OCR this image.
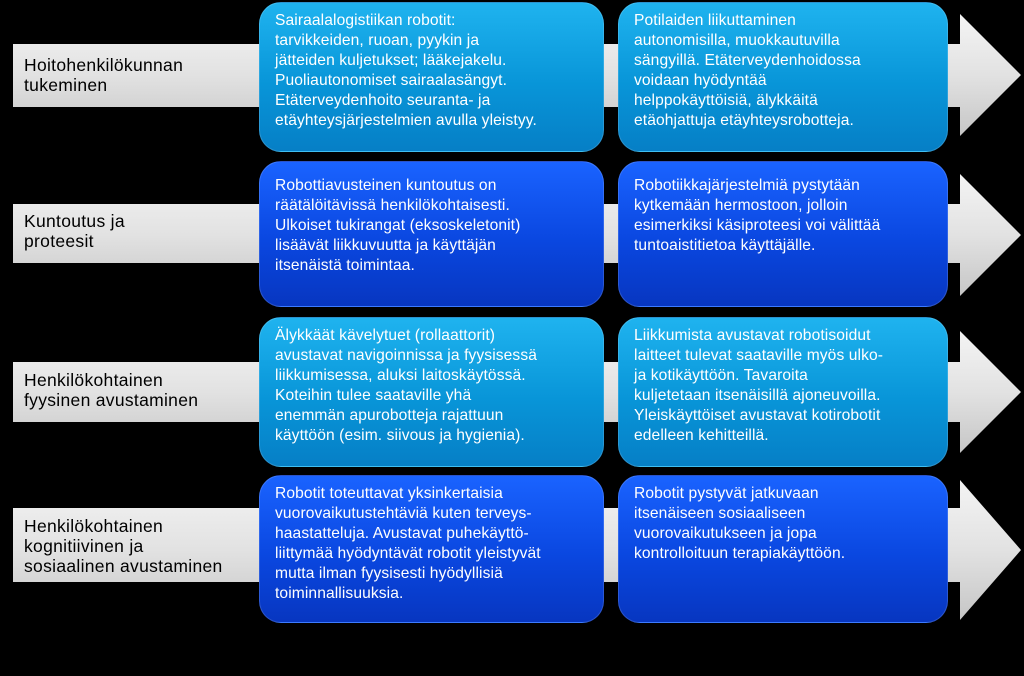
Hoitohenkilökunnan
tukeminen

Sairaalalogistiikan robotit:
tarvikkeiden, ruoan, pyykin ja
jätteiden kuljetukset; lääkejakelu.
Puoliautonomiset sairaalasängyt.
Etäterveydenhoito seuranta- ja
etäyhteysjärjestelmien avulla yleistyy.

Potilaiden liikuttaminen
autonomisilla, muokkautuvilla
sängyillä. Etäterveydenhoidossa
voidaan hyödyntää
helppokäyttöisiä, älykkäitä
etäohjattuja etäyhteysrobotteja.

Kuntoutus ja
proteesit

Robottiavusteinen kuntoutus on
räätälöitävissä henkilökohtaisesti.
Ulkoiset tukirangat (eksoskeletonit)
lisäävät liikkuvuutta ja käyttäjän
itsenäistä toimintaa.

Robotiikkajärjestelmiä pystytään
kytkemään hermostoon, jolloin
esimerkiksi käsiproteesi voi välittää
tuntoaistitietoa käyttäjälle.

Henkilökohtainen
fyysinen avustaminen

Älykkäät kävelytuet (rollaattorit)
avustavat navigoinnissa ja fyysisessä
liikkumisessa, aluksi laitoskäytössä.
Koteihin tulee saataville yhä
enemmän apurobotteja rajattuun
käyttöön (esim. siivous ja hygienia).

Liikkumista avustavat robotisoidut
laitteet tulevat saataville myös ulko-
ja kotikäyttöön. Tavaroita
kuljetetaan itsenäisillä ajoneuvoilla.
Yleiskäyttöiset avustavat kotirobotit
edelleen kehitteillä.

Henkilökohtainen
kognitiivinen ja
sosiaalinen avustaminen

Robotit toteuttavat yksinkertaisia
vuorovaikutustehtäviä kuten terveys-
haastatteluja. Avustavat puhekäyttö-
liittymää hyödyntävät robotit yleistyvät
mutta ilman fyysisesti hyödyllisiä
toiminnallisuuksia.

Robotit pystyvät jatkuvaan
itsenäiseen sosiaaliseen
vuorovaikutukseen ja jopa
kontrolloituun terapiakäyttöön.
